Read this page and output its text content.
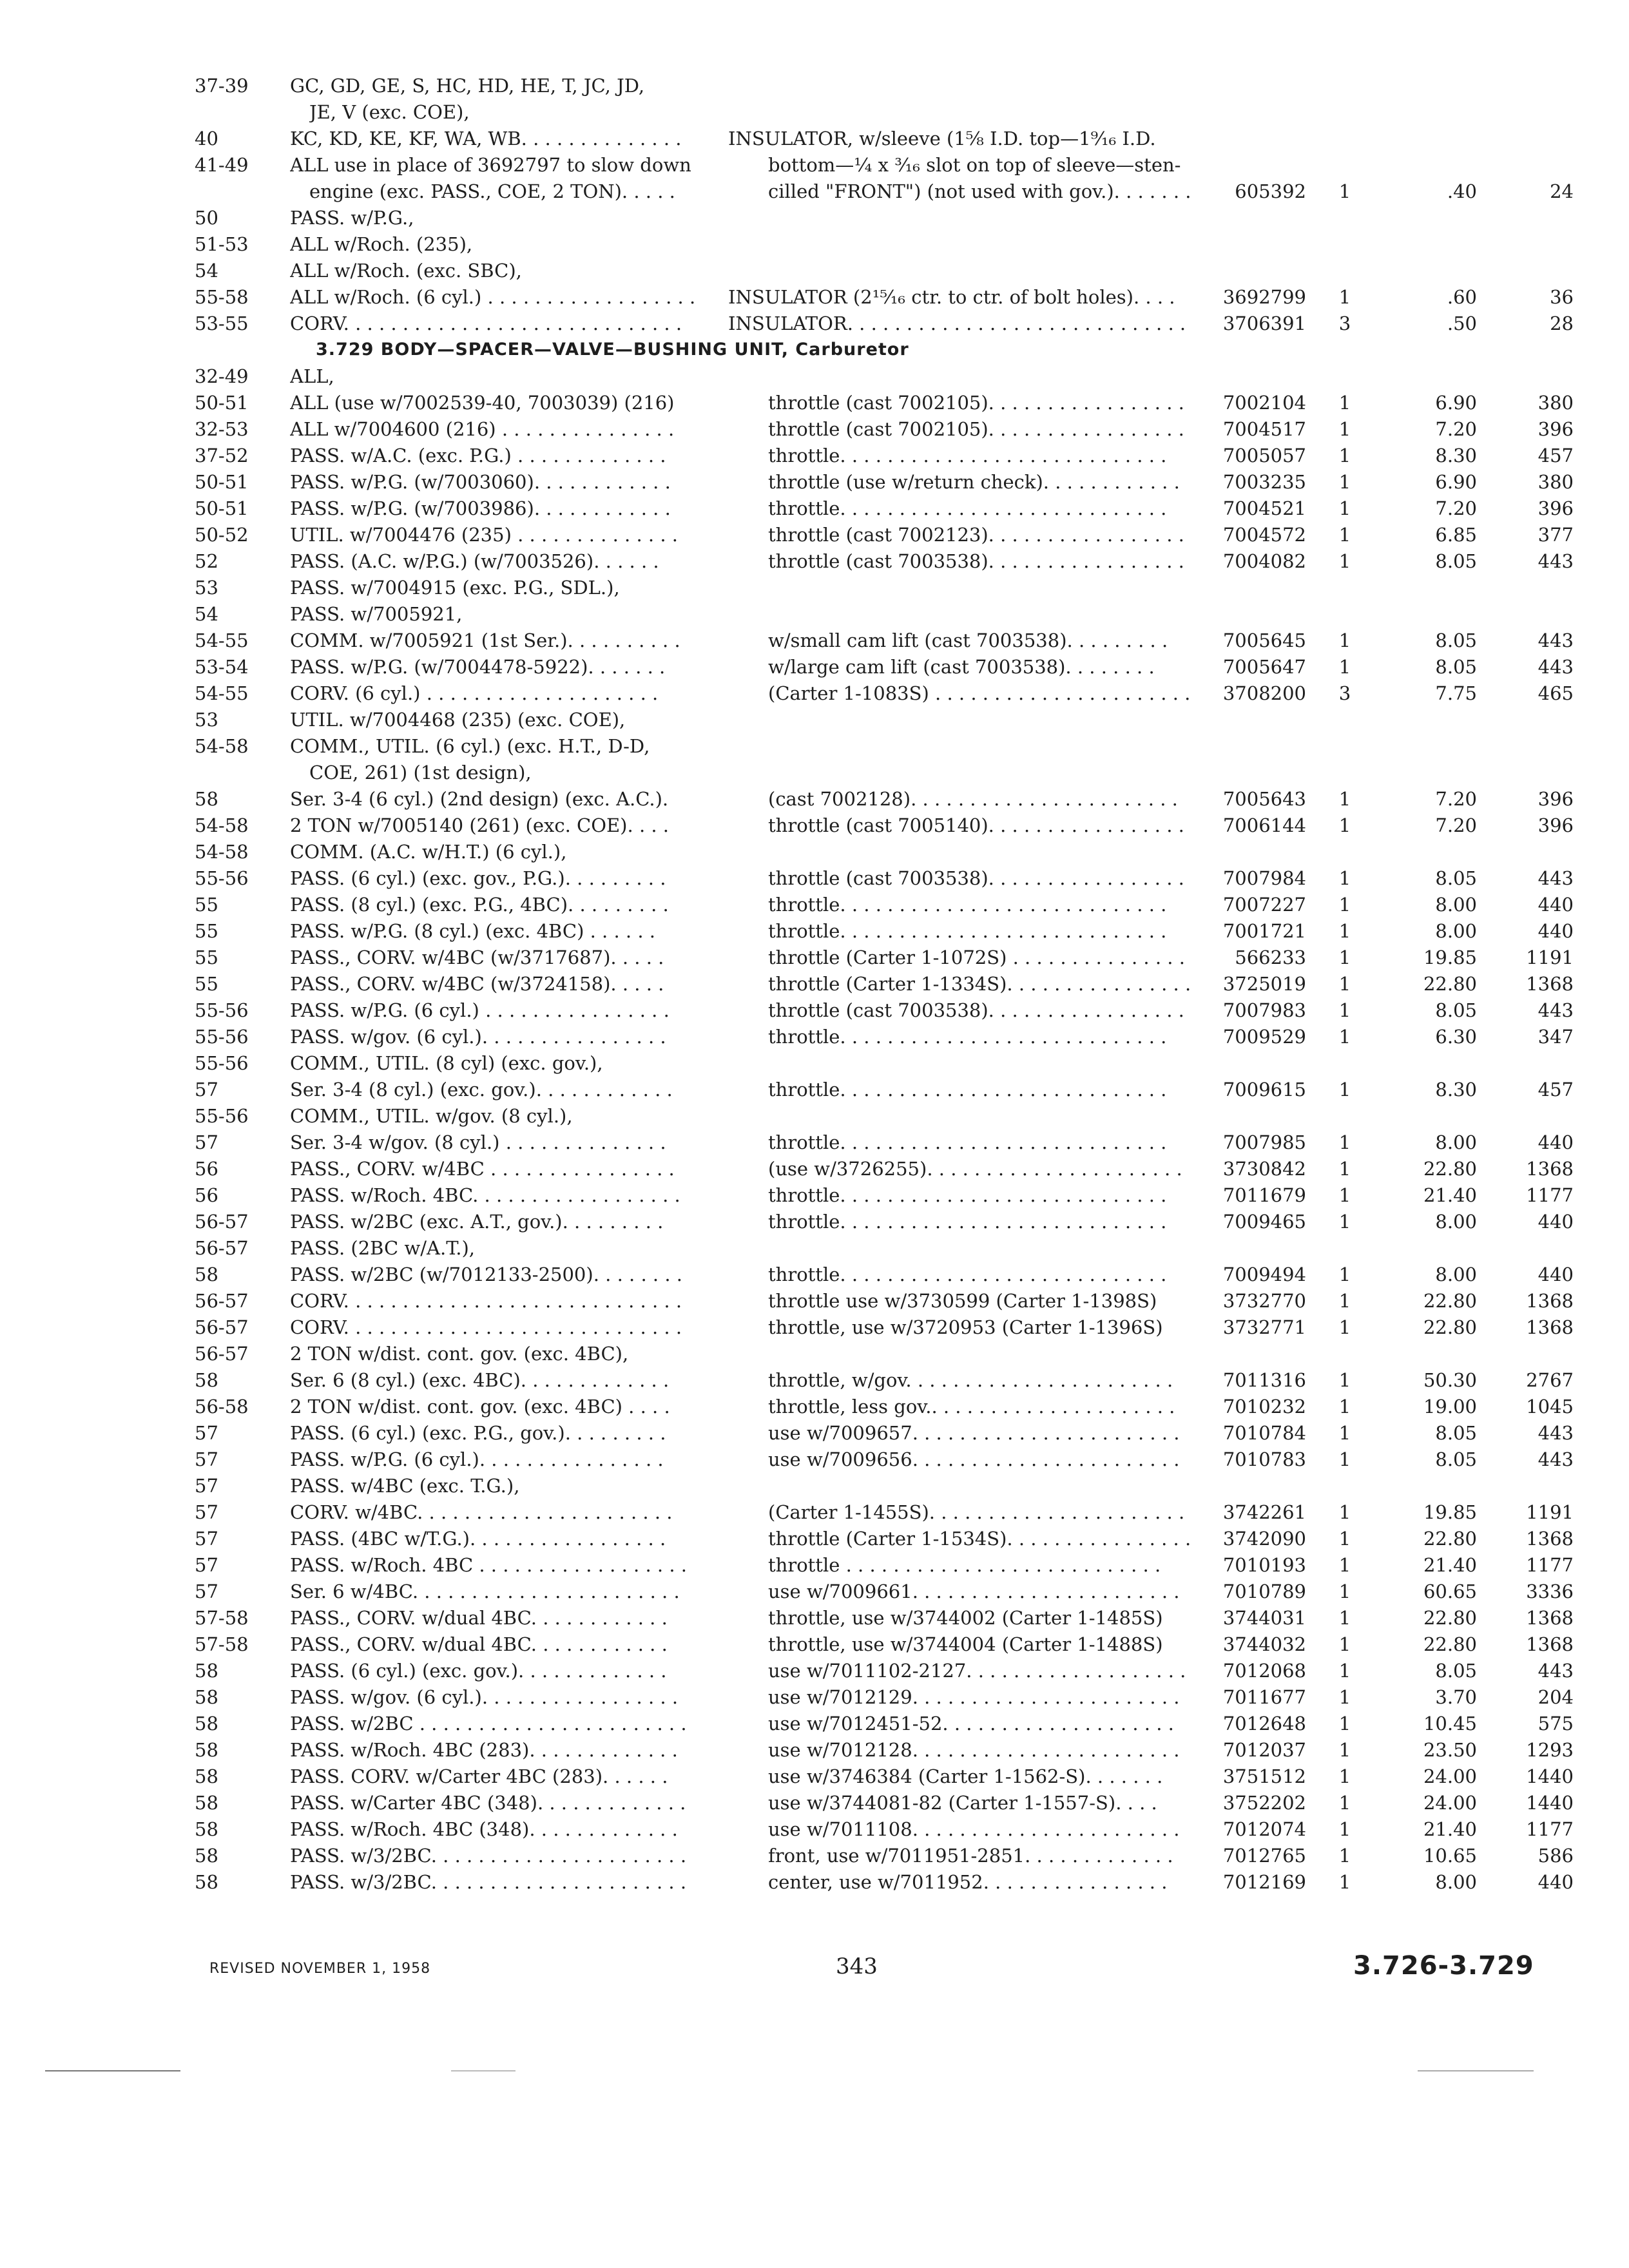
37-39 GC, GD, GE, S, HC, HD, HE, T, JC, JD,
JE, V (exc. COE),
40	KC, KD, KE, KF, WA, WB. . . . . . . . . . . . . .	INSULATOR, w/sleeve (1⅝ I.D. top—1⁹⁄₁₆ I.D.
41-49 ALL use in place of 3692797 to slow down	bottom—¼ x ³⁄₁₆ slot on top of sleeve—sten-
engine (exc. PASS., COE, 2 TON). . . . .	cilled "FRONT") (not used with gov.). . . . . . .	605392	1	.40	24
50	PASS. w/P.G.,
51-53 ALL w/Roch. (235),
54	ALL w/Roch. (exc. SBC),
55-58 ALL w/Roch. (6 cyl.) . . . . . . . . . . . . . . . . . .	INSULATOR (2¹⁵⁄₁₆ ctr. to ctr. of bolt holes). . . .	3692799	1	.60	36
53-55 CORV. . . . . . . . . . . . . . . . . . . . . . . . . . . . .	INSULATOR. . . . . . . . . . . . . . . . . . . . . . . . . . . . .	3706391	3	.50	28
3.729 BODY—SPACER—VALVE—BUSHING UNIT, Carburetor
32-49 ALL,
50-51 ALL (use w/7002539-40, 7003039) (216)	throttle (cast 7002105). . . . . . . . . . . . . . . . .	7002104	1	6.90	380
32-53 ALL w/7004600 (216) . . . . . . . . . . . . . . .	throttle (cast 7002105). . . . . . . . . . . . . . . . .	7004517	1	7.20	396
37-52 PASS. w/A.C. (exc. P.G.) . . . . . . . . . . . . .	throttle. . . . . . . . . . . . . . . . . . . . . . . . . . . .	7005057	1	8.30	457
50-51 PASS. w/P.G. (w/7003060). . . . . . . . . . . .	throttle (use w/return check). . . . . . . . . . . .	7003235	1	6.90	380
50-51 PASS. w/P.G. (w/7003986). . . . . . . . . . . .	throttle. . . . . . . . . . . . . . . . . . . . . . . . . . . .	7004521	1	7.20	396
50-52 UTIL. w/7004476 (235) . . . . . . . . . . . . . .	throttle (cast 7002123). . . . . . . . . . . . . . . . .	7004572	1	6.85	377
52	PASS. (A.C. w/P.G.) (w/7003526). . . . . .	throttle (cast 7003538). . . . . . . . . . . . . . . . .	7004082	1	8.05	443
53	PASS. w/7004915 (exc. P.G., SDL.),
54	PASS. w/7005921,
54-55 COMM. w/7005921 (1st Ser.). . . . . . . . . .	w/small cam lift (cast 7003538). . . . . . . . .	7005645	1	8.05	443
53-54 PASS. w/P.G. (w/7004478-5922). . . . . . .	w/large cam lift (cast 7003538). . . . . . . .	7005647	1	8.05	443
54-55 CORV. (6 cyl.) . . . . . . . . . . . . . . . . . . . .	(Carter 1-1083S) . . . . . . . . . . . . . . . . . . . . . .	3708200	3	7.75	465
53	UTIL. w/7004468 (235) (exc. COE),
54-58 COMM., UTIL. (6 cyl.) (exc. H.T., D-D,
COE, 261) (1st design),
58	Ser. 3-4 (6 cyl.) (2nd design) (exc. A.C.).	(cast 7002128). . . . . . . . . . . . . . . . . . . . . . .	7005643	1	7.20	396
54-58 2 TON w/7005140 (261) (exc. COE). . . .	throttle (cast 7005140). . . . . . . . . . . . . . . . .	7006144	1	7.20	396
54-58 COMM. (A.C. w/H.T.) (6 cyl.),
55-56 PASS. (6 cyl.) (exc. gov., P.G.). . . . . . . . .	throttle (cast 7003538). . . . . . . . . . . . . . . . .	7007984	1	8.05	443
55	PASS. (8 cyl.) (exc. P.G., 4BC). . . . . . . . .	throttle. . . . . . . . . . . . . . . . . . . . . . . . . . . .	7007227	1	8.00	440
55	PASS. w/P.G. (8 cyl.) (exc. 4BC) . . . . . .	throttle. . . . . . . . . . . . . . . . . . . . . . . . . . . .	7001721	1	8.00	440
55	PASS., CORV. w/4BC (w/3717687). . . . .	throttle (Carter 1-1072S) . . . . . . . . . . . . . . .	566233	1	19.85	1191
55	PASS., CORV. w/4BC (w/3724158). . . . .	throttle (Carter 1-1334S). . . . . . . . . . . . . . . .	3725019	1	22.80	1368
55-56 PASS. w/P.G. (6 cyl.) . . . . . . . . . . . . . . . .	throttle (cast 7003538). . . . . . . . . . . . . . . . .	7007983	1	8.05	443
55-56 PASS. w/gov. (6 cyl.). . . . . . . . . . . . . . . .	throttle. . . . . . . . . . . . . . . . . . . . . . . . . . . .	7009529	1	6.30	347
55-56 COMM., UTIL. (8 cyl) (exc. gov.),
57	Ser. 3-4 (8 cyl.) (exc. gov.). . . . . . . . . . . .	throttle. . . . . . . . . . . . . . . . . . . . . . . . . . . .	7009615	1	8.30	457
55-56 COMM., UTIL. w/gov. (8 cyl.),
57	Ser. 3-4 w/gov. (8 cyl.) . . . . . . . . . . . . . .	throttle. . . . . . . . . . . . . . . . . . . . . . . . . . . .	7007985	1	8.00	440
56	PASS., CORV. w/4BC . . . . . . . . . . . . . . . .	(use w/3726255). . . . . . . . . . . . . . . . . . . . . .	3730842	1	22.80	1368
56	PASS. w/Roch. 4BC. . . . . . . . . . . . . . . . . .	throttle. . . . . . . . . . . . . . . . . . . . . . . . . . . .	7011679	1	21.40	1177
56-57 PASS. w/2BC (exc. A.T., gov.). . . . . . . . .	throttle. . . . . . . . . . . . . . . . . . . . . . . . . . . .	7009465	1	8.00	440
56-57 PASS. (2BC w/A.T.),
58	PASS. w/2BC (w/7012133-2500). . . . . . . .	throttle. . . . . . . . . . . . . . . . . . . . . . . . . . . .	7009494	1	8.00	440
56-57 CORV. . . . . . . . . . . . . . . . . . . . . . . . . . . . .	throttle use w/3730599 (Carter 1-1398S)	3732770	1	22.80	1368
56-57 CORV. . . . . . . . . . . . . . . . . . . . . . . . . . . . .	throttle, use w/3720953 (Carter 1-1396S)	3732771	1	22.80	1368
56-57 2 TON w/dist. cont. gov. (exc. 4BC),
58	Ser. 6 (8 cyl.) (exc. 4BC). . . . . . . . . . . . .	throttle, w/gov. . . . . . . . . . . . . . . . . . . . . . .	7011316	1	50.30	2767
56-58 2 TON w/dist. cont. gov. (exc. 4BC) . . . .	throttle, less gov.. . . . . . . . . . . . . . . . . . . . .	7010232	1	19.00	1045
57	PASS. (6 cyl.) (exc. P.G., gov.). . . . . . . . .	use w/7009657. . . . . . . . . . . . . . . . . . . . . . .	7010784	1	8.05	443
57	PASS. w/P.G. (6 cyl.). . . . . . . . . . . . . . . .	use w/7009656. . . . . . . . . . . . . . . . . . . . . . .	7010783	1	8.05	443
57	PASS. w/4BC (exc. T.G.),
57	CORV. w/4BC. . . . . . . . . . . . . . . . . . . . . .	(Carter 1-1455S). . . . . . . . . . . . . . . . . . . . . .	3742261	1	19.85	1191
57	PASS. (4BC w/T.G.). . . . . . . . . . . . . . . . .	throttle (Carter 1-1534S). . . . . . . . . . . . . . . .	3742090	1	22.80	1368
57	PASS. w/Roch. 4BC . . . . . . . . . . . . . . . . . .	throttle . . . . . . . . . . . . . . . . . . . . . . . . . . .	7010193	1	21.40	1177
57	Ser. 6 w/4BC. . . . . . . . . . . . . . . . . . . . . . .	use w/7009661. . . . . . . . . . . . . . . . . . . . . . .	7010789	1	60.65	3336
57-58 PASS., CORV. w/dual 4BC. . . . . . . . . . . .	throttle, use w/3744002 (Carter 1-1485S)	3744031	1	22.80	1368
57-58 PASS., CORV. w/dual 4BC. . . . . . . . . . . .	throttle, use w/3744004 (Carter 1-1488S)	3744032	1	22.80	1368
58	PASS. (6 cyl.) (exc. gov.). . . . . . . . . . . . .	use w/7011102-2127. . . . . . . . . . . . . . . . . . .	7012068	1	8.05	443
58	PASS. w/gov. (6 cyl.). . . . . . . . . . . . . . . . .	use w/7012129. . . . . . . . . . . . . . . . . . . . . . .	7011677	1	3.70	204
58	PASS. w/2BC . . . . . . . . . . . . . . . . . . . . . . .	use w/7012451-52. . . . . . . . . . . . . . . . . . . .	7012648	1	10.45	575
58	PASS. w/Roch. 4BC (283). . . . . . . . . . . . .	use w/7012128. . . . . . . . . . . . . . . . . . . . . . .	7012037	1	23.50	1293
58	PASS. CORV. w/Carter 4BC (283). . . . . .	use w/3746384 (Carter 1-1562-S). . . . . . .	3751512	1	24.00	1440
58	PASS. w/Carter 4BC (348). . . . . . . . . . . . .	use w/3744081-82 (Carter 1-1557-S). . . .	3752202	1	24.00	1440
58	PASS. w/Roch. 4BC (348). . . . . . . . . . . . .	use w/7011108. . . . . . . . . . . . . . . . . . . . . . .	7012074	1	21.40	1177
58	PASS. w/3/2BC. . . . . . . . . . . . . . . . . . . . . .	front, use w/7011951-2851. . . . . . . . . . . . .	7012765	1	10.65	586
58	PASS. w/3/2BC. . . . . . . . . . . . . . . . . . . . . .	center, use w/7011952. . . . . . . . . . . . . . . .	7012169	1	8.00	440
REVISED NOVEMBER 1, 1958	343	3.726-3.729
